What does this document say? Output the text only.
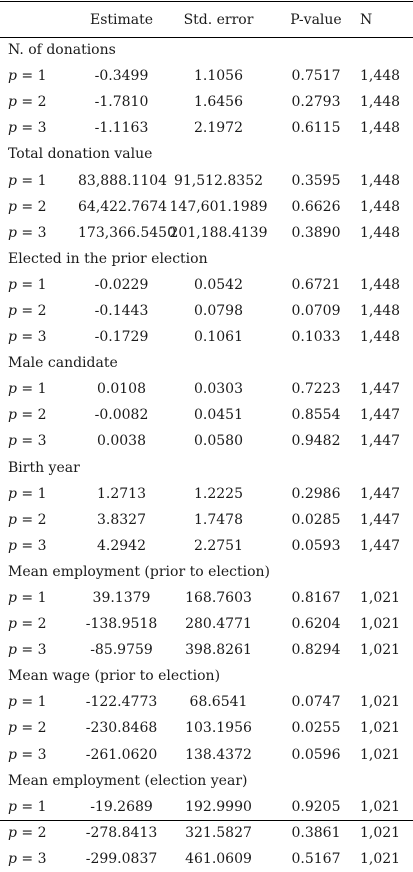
	Estimate	Std. error	P-value	N
N. of donations				
p = 1	-0.3499	1.1056	0.7517	1,448
p = 2	-1.7810	1.6456	0.2793	1,448
p = 3	-1.1163	2.1972	0.6115	1,448
Total donation value				
p = 1	83,888.1104	91,512.8352	0.3595	1,448
p = 2	64,422.7674	147,601.1989	0.6626	1,448
p = 3	173,366.5450	201,188.4139	0.3890	1,448
Elected in the prior election				
p = 1	-0.0229	0.0542	0.6721	1,448
p = 2	-0.1443	0.0798	0.0709	1,448
p = 3	-0.1729	0.1061	0.1033	1,448
Male candidate				
p = 1	0.0108	0.0303	0.7223	1,447
p = 2	-0.0082	0.0451	0.8554	1,447
p = 3	0.0038	0.0580	0.9482	1,447
Birth year				
p = 1	1.2713	1.2225	0.2986	1,447
p = 2	3.8327	1.7478	0.0285	1,447
p = 3	4.2942	2.2751	0.0593	1,447
Mean employment (prior to election)				
p = 1	39.1379	168.7603	0.8167	1,021
p = 2	-138.9518	280.4771	0.6204	1,021
p = 3	-85.9759	398.8261	0.8294	1,021
Mean wage (prior to election)				
p = 1	-122.4773	68.6541	0.0747	1,021
p = 2	-230.8468	103.1956	0.0255	1,021
p = 3	-261.0620	138.4372	0.0596	1,021
Mean employment (election year)				
p = 1	-19.2689	192.9990	0.9205	1,021
p = 2	-278.8413	321.5827	0.3861	1,021
p = 3	-299.0837	461.0609	0.5167	1,021
